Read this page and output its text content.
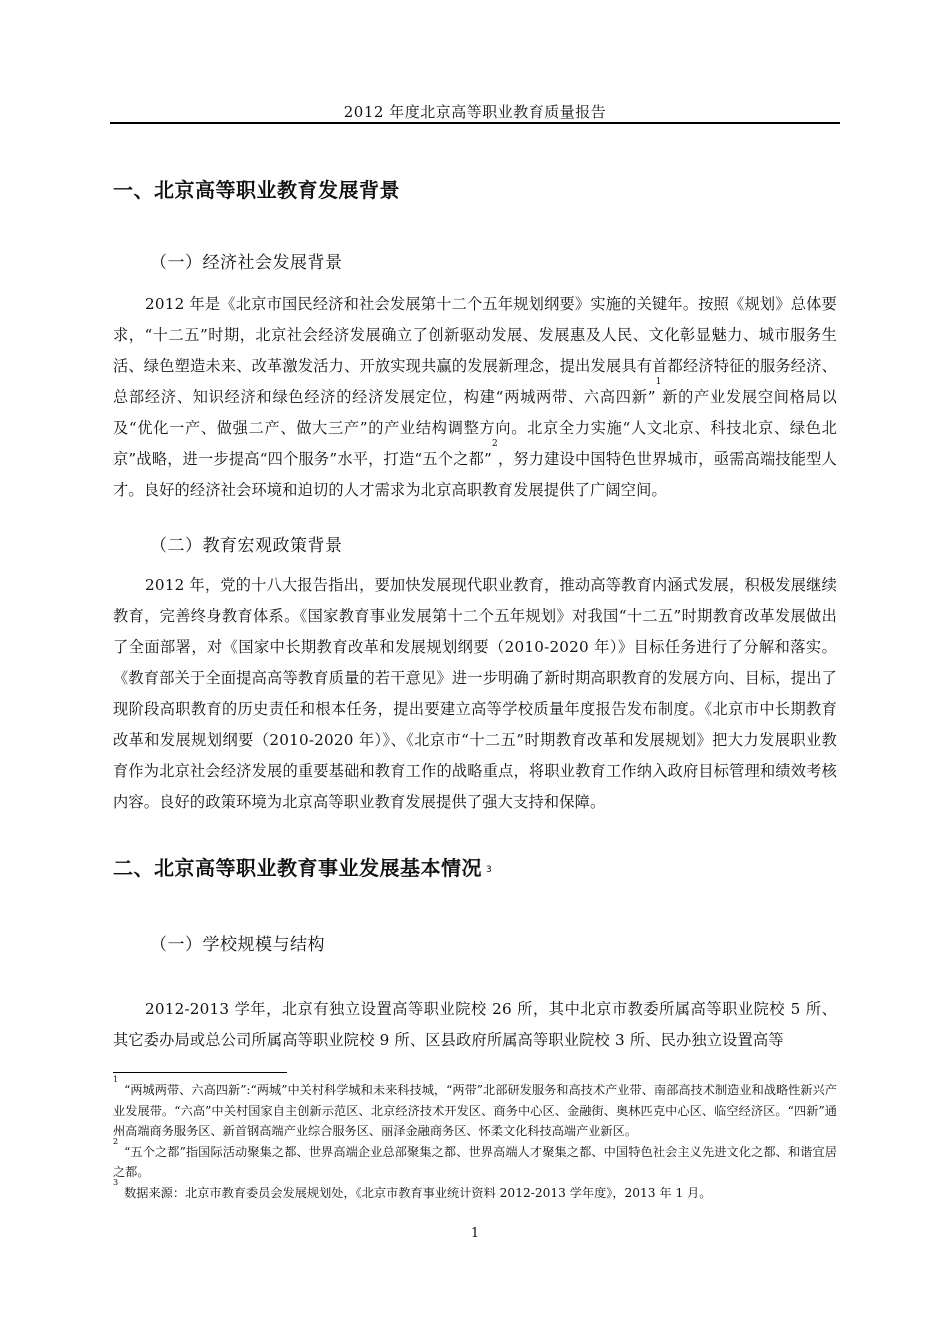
2012 年度北京高等职业教育质量报告
一、北京高等职业教育发展背景
（一）经济社会发展背景
2012 年是《北京市国民经济和社会发展第十二个五年规划纲要》实施的关键年。按照《规划》总体要求，“十二五”时期，北京社会经济发展确立了创新驱动发展、发展惠及人民、文化彰显魅力、城市服务生活、绿色塑造未来、改革激发活力、开放实现共赢的发展新理念，提出发展具有首都经济特征的服务经济、总部经济、知识经济和绿色经济的经济发展定位，构建“两城两带、六高四新”$^1$新的产业发展空间格局以及“优化一产、做强二产、做大三产”的产业结构调整方向。北京全力实施“人文北京、科技北京、绿色北京”战略，进一步提高“四个服务”水平，打造“五个之都”$^2$，努力建设中国特色世界城市，亟需高端技能型人才。良好的经济社会环境和迫切的人才需求为北京高职教育发展提供了广阔空间。
（二）教育宏观政策背景
2012 年，党的十八大报告指出，要加快发展现代职业教育，推动高等教育内涵式发展，积极发展继续教育，完善终身教育体系。《国家教育事业发展第十二个五年规划》对我国“十二五”时期教育改革发展做出了全面部署，对《国家中长期教育改革和发展规划纲要（2010-2020 年）》目标任务进行了分解和落实。《教育部关于全面提高高等教育质量的若干意见》进一步明确了新时期高职教育的发展方向、目标，提出了现阶段高职教育的历史责任和根本任务，提出要建立高等学校质量年度报告发布制度。《北京市中长期教育改革和发展规划纲要（2010-2020 年）》、《北京市“十二五”时期教育改革和发展规划》把大力发展职业教育作为北京社会经济发展的重要基础和教育工作的战略重点，将职业教育工作纳入政府目标管理和绩效考核内容。良好的政策环境为北京高等职业教育发展提供了强大支持和保障。
二、北京高等职业教育事业发展基本情况 3
（一）学校规模与结构
2012-2013 学年，北京有独立设置高等职业院校 26 所，其中北京市教委所属高等职业院校 5 所、其它委办局或总公司所属高等职业院校 9 所、区县政府所属高等职业院校 3 所、民办独立设置高等

$^1$“两城两带、六高四新”:“两城”中关村科学城和未来科技城，“两带”北部研发服务和高技术产业带、南部高技术制造业和战略性新兴产业发展带。“六高”中关村国家自主创新示范区、北京经济技术开发区、商务中心区、金融街、奥林匹克中心区、临空经济区。“四新”通州高端商务服务区、新首钢高端产业综合服务区、丽泽金融商务区、怀柔文化科技高端产业新区。

$^2$“五个之都”指国际活动聚集之都、世界高端企业总部聚集之都、世界高端人才聚集之都、中国特色社会主义先进文化之都、和谐宜居之都。

$^3$数据来源：北京市教育委员会发展规划处，《北京市教育事业统计资料 2012-2013 学年度》，2013 年 1 月。

1
